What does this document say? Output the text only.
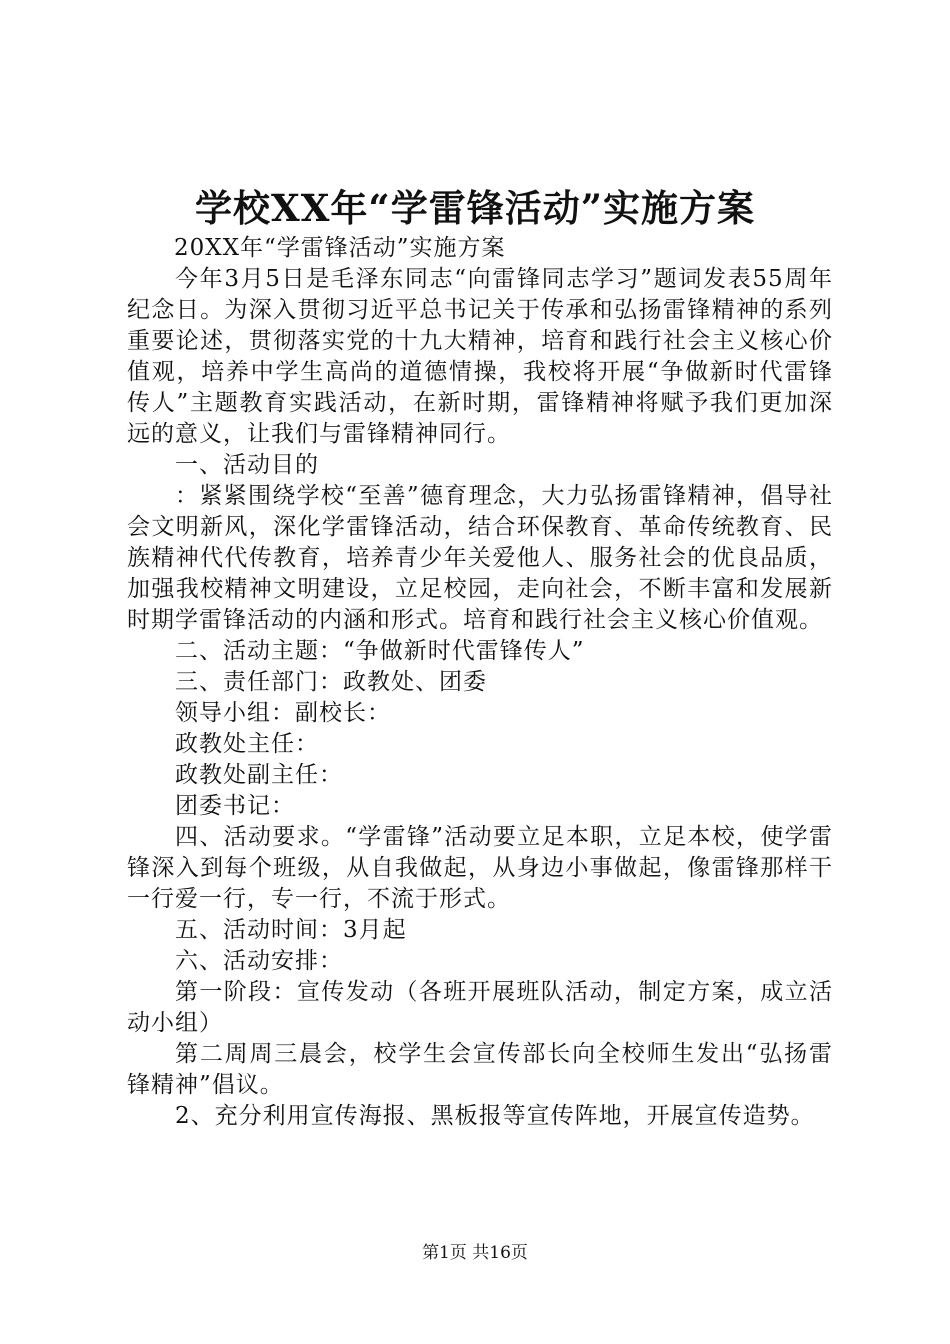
学校XX年“学雷锋活动”实施方案

20XX年“学雷锋活动”实施方案

今年3月5日是毛泽东同志“向雷锋同志学习”题词发表55周年纪念日。为深入贯彻习近平总书记关于传承和弘扬雷锋精神的系列重要论述，贯彻落实党的十九大精神，培育和践行社会主义核心价值观，培养中学生高尚的道德情操，我校将开展“争做新时代雷锋传人”主题教育实践活动，在新时期，雷锋精神将赋予我们更加深远的意义，让我们与雷锋精神同行。

一、活动目的

：紧紧围绕学校“至善”德育理念，大力弘扬雷锋精神，倡导社会文明新风，深化学雷锋活动，结合环保教育、革命传统教育、民族精神代代传教育，培养青少年关爱他人、服务社会的优良品质，加强我校精神文明建设，立足校园，走向社会，不断丰富和发展新时期学雷锋活动的内涵和形式。培育和践行社会主义核心价值观。

二、活动主题：“争做新时代雷锋传人”

三、责任部门：政教处、团委

领导小组：副校长：

政教处主任：

政教处副主任：

团委书记：

四、活动要求。“学雷锋”活动要立足本职，立足本校，使学雷锋深入到每个班级，从自我做起，从身边小事做起，像雷锋那样干一行爱一行，专一行，不流于形式。

五、活动时间：3月起

六、活动安排：

第一阶段：宣传发动（各班开展班队活动，制定方案，成立活动小组）

第二周周三晨会，校学生会宣传部长向全校师生发出“弘扬雷锋精神”倡议。

2、充分利用宣传海报、黑板报等宣传阵地，开展宣传造势。

第1页 共16页
